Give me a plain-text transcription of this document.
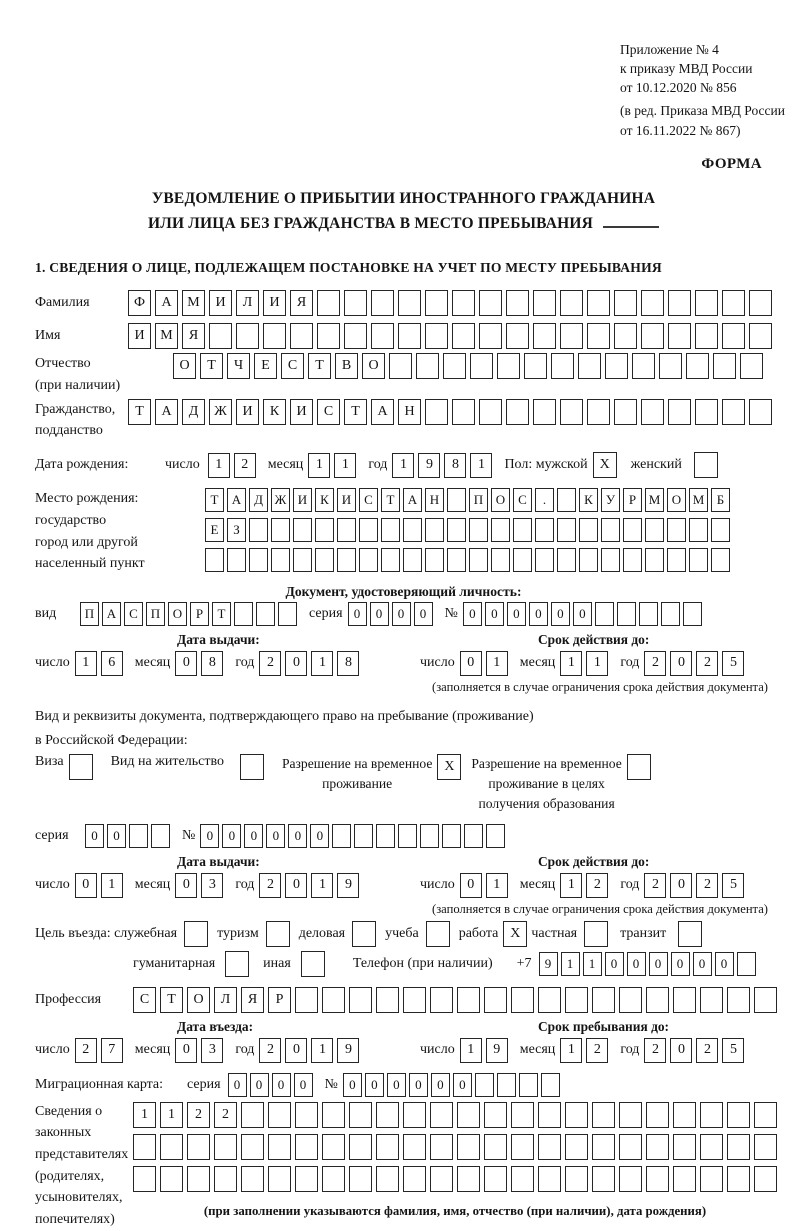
Приложение № 4
к приказу МВД России
от 10.12.2020 № 856
(в ред. Приказа МВД России
от 16.11.2022 № 867)
ФОРМА
УВЕДОМЛЕНИЕ О ПРИБЫТИИ ИНОСТРАННОГО ГРАЖДАНИНА
ИЛИ ЛИЦА БЕЗ ГРАЖДАНСТВА В МЕСТО ПРЕБЫВАНИЯ
1. СВЕДЕНИЯ О ЛИЦЕ, ПОДЛЕЖАЩЕМ ПОСТАНОВКЕ НА УЧЕТ ПО МЕСТУ ПРЕБЫВАНИЯ
Фамилия	Ф	А	М	И	Л	И	Я
Имя	И	М	Я
Отчество
(при наличии)
О	Т	Ч	Е	С	Т	В	О
Гражданство,
подданство
Т	А	Д	Ж	И	К	И	С	Т	А	Н
Дата рождения:	число	1	2	месяц 1	1	год 1	9	8	1	Пол: мужской X	женский
Место рождения:
государство
город или другой
населенный пункт
Т	А Д Ж И К И С	Т	А Н	П О С	.	К	У	Р М О М Б
Е	З
Документ, удостоверяющий личность:
вид	П А С П О	Р	Т	серия 0	0	0	0	№ 0	0	0	0	0	0
Дата выдачи:
число 1	6	месяц 0	8	год 2	0	1	8
Срок действия до:
число 0	1	месяц 1	1	год 2	0	2	5
(заполняется в случае ограничения срока действия документа)
Вид и реквизиты документа, подтверждающего право на пребывание (проживание)
в Российской Федерации:
Виза	Вид на жительство	Разрешение на временное
проживание
X	Разрешение на временное
проживание в целях
получения образования
серия	0	0	№ 0	0	0	0	0	0
Дата выдачи:
число 0	1	месяц 0	3	год 2	0	1	9
Срок действия до:
число 0	1	месяц 1	2	год 2	0	2	5
(заполняется в случае ограничения срока действия документа)
Цель въезда: служебная	туризм	деловая	учеба	работа X частная	транзит
гуманитарная	иная	Телефон (при наличии) +7	9	1	1	0	0	0	0	0	0
Профессия	С	Т	О	Л	Я	Р
Дата въезда:
число 2	7	месяц 0	3	год 2	0	1	9
Срок пребывания до:
число 1	9	месяц 1	2	год 2	0	2	5
Миграционная карта:	серия	0	0	0	0	№ 0	0	0	0	0	0
Сведения о
законных
представителях
(родителях,
усыновителях,
попечителях)
1	1	2	2
(при заполнении указываются фамилия, имя, отчество (при наличии), дата рождения)
